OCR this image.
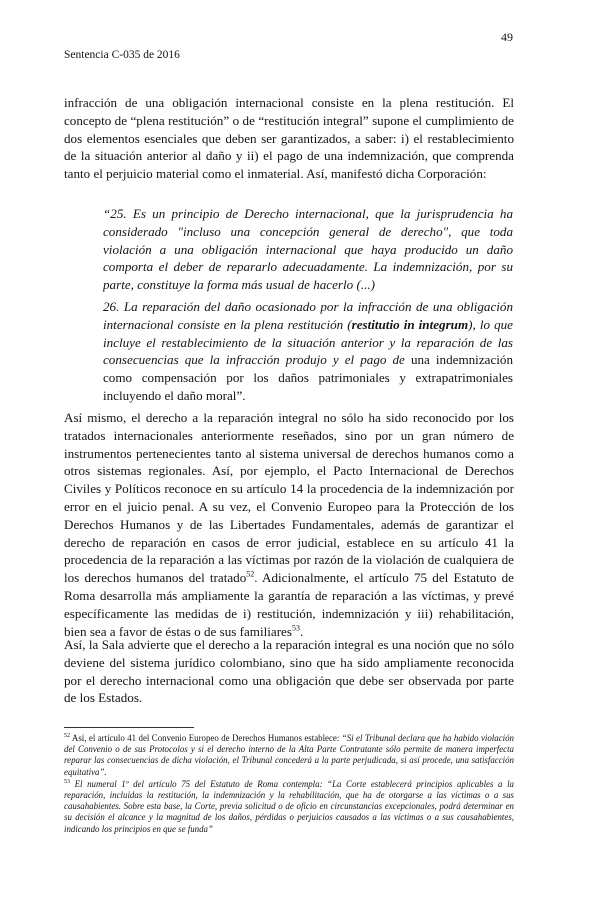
49
Sentencia C-035 de 2016

infracción de una obligación internacional consiste en la plena restitución. El concepto de “plena restitución” o de “restitución integral” supone el cumplimiento de dos elementos esenciales que deben ser garantizados, a saber: i) el restablecimiento de la situación anterior al daño y ii) el pago de una indemnización, que comprenda tanto el perjuicio material como el inmaterial. Así, manifestó dicha Corporación:

“25. Es un principio de Derecho internacional, que la jurisprudencia ha considerado "incluso una concepción general de derecho", que toda violación a una obligación internacional que haya producido un daño comporta el deber de repararlo adecuadamente. La indemnización, por su parte, constituye la forma más usual de hacerlo (...)

26. La reparación del daño ocasionado por la infracción de una obligación internacional consiste en la plena restitución (restitutio in integrum), lo que incluye el restablecimiento de la situación anterior y la reparación de las consecuencias que la infracción produjo y el pago de una indemnización como compensación por los daños patrimoniales y extrapatrimoniales incluyendo el daño moral”.

Así mismo, el derecho a la reparación integral no sólo ha sido reconocido por los tratados internacionales anteriormente reseñados, sino por un gran número de instrumentos pertenecientes tanto al sistema universal de derechos humanos como a otros sistemas regionales. Así, por ejemplo, el Pacto Internacional de Derechos Civiles y Políticos reconoce en su artículo 14 la procedencia de la indemnización por error en el juicio penal. A su vez, el Convenio Europeo para la Protección de los Derechos Humanos y de las Libertades Fundamentales, además de garantizar el derecho de reparación en casos de error judicial, establece en su artículo 41 la procedencia de la reparación a las víctimas por razón de la violación de cualquiera de los derechos humanos del tratado$^{52}$. Adicionalmente, el artículo 75 del Estatuto de Roma desarrolla más ampliamente la garantía de reparación a las víctimas, y prevé específicamente las medidas de i) restitución, indemnización y iii) rehabilitación, bien sea a favor de éstas o de sus familiares$^{53}$.

Así, la Sala advierte que el derecho a la reparación integral es una noción que no sólo deviene del sistema jurídico colombiano, sino que ha sido ampliamente reconocida por el derecho internacional como una obligación que debe ser observada por parte de los Estados.

$^{52}$ Así, el artículo 41 del Convenio Europeo de Derechos Humanos establece: “Si el Tribunal declara que ha habido violación del Convenio o de sus Protocolos y si el derecho interno de la Alta Parte Contratante sólo permite de manera imperfecta reparar las consecuencias de dicha violación, el Tribunal concederá a la parte perjudicada, si así procede, una satisfacción equitativa”.

$^{53}$ El numeral 1º del artículo 75 del Estatuto de Roma contempla: “La Corte establecerá principios aplicables a la reparación, incluidas la restitución, la indemnización y la rehabilitación, que ha de otorgarse a las víctimas o a sus causahabientes. Sobre esta base, la Corte, previa solicitud o de oficio en circunstancias excepcionales, podrá determinar en su decisión el alcance y la magnitud de los daños, pérdidas o perjuicios causados a las víctimas o a sus causahabientes, indicando los principios en que se funda”
